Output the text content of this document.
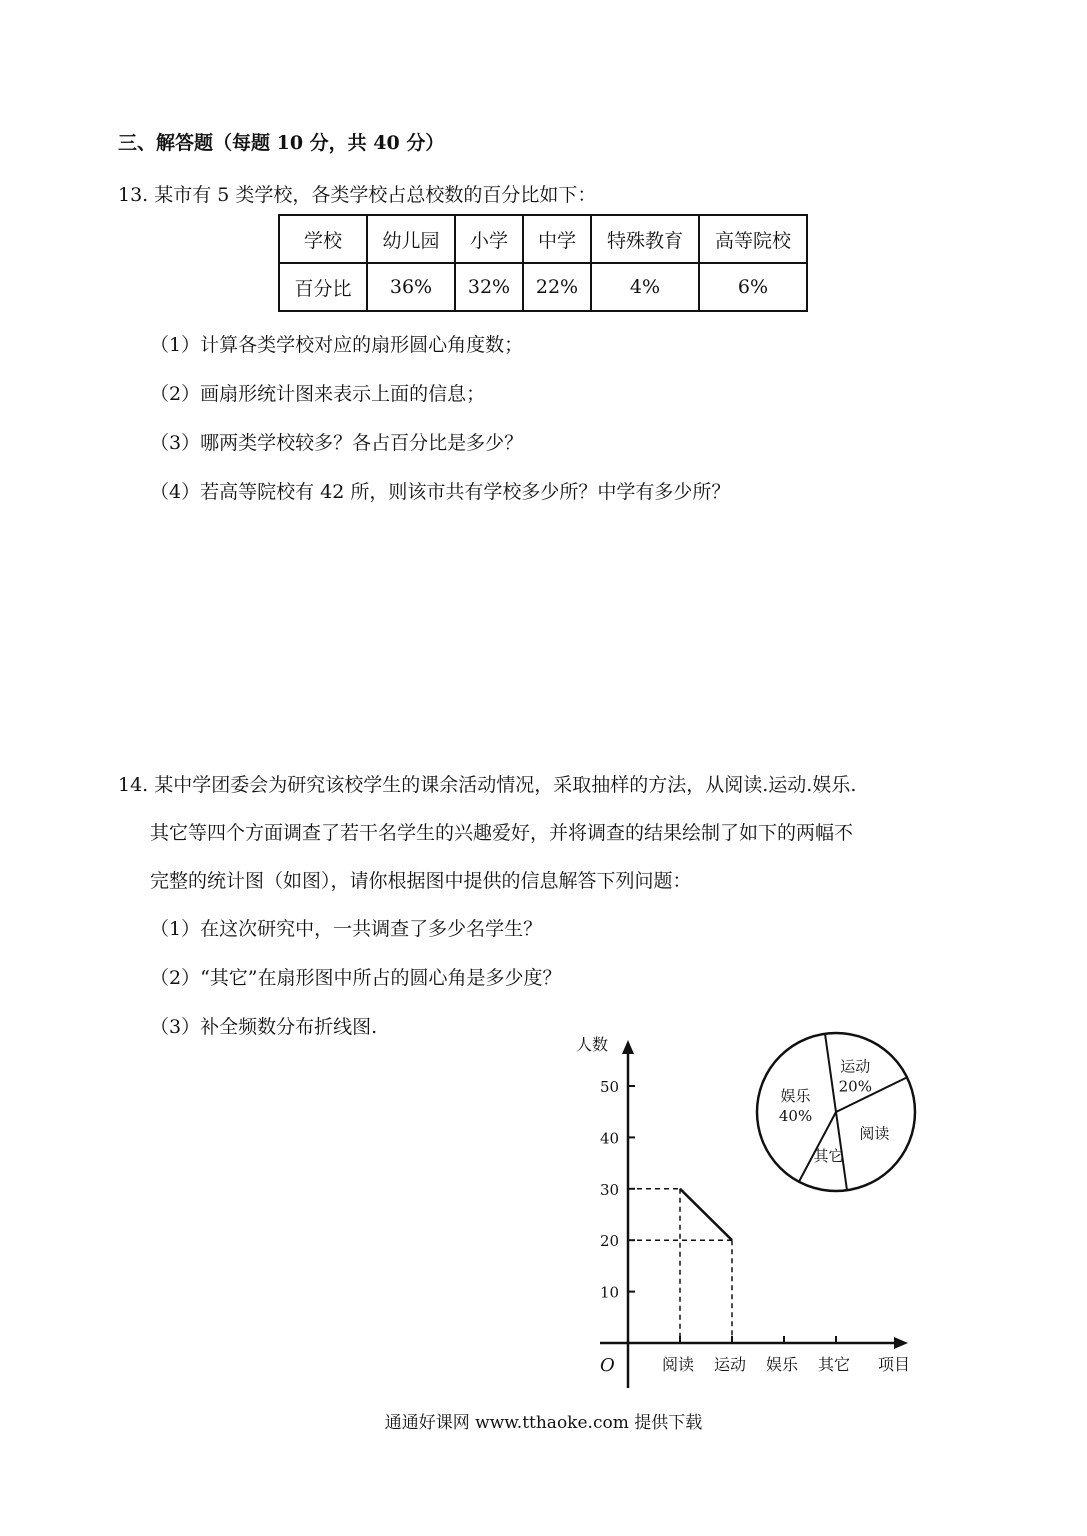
三、解答题（每题 10 分，共 40 分）
13. 某市有 5 类学校，各类学校占总校数的百分比如下：
学校	幼儿园	小学	中学	特殊教育	高等院校
百分比	36%	32%	22%	4%	6%
（1）计算各类学校对应的扇形圆心角度数；
（2）画扇形统计图来表示上面的信息；
（3）哪两类学校较多？各占百分比是多少？
（4）若高等院校有 42 所，则该市共有学校多少所？中学有多少所？
14. 某中学团委会为研究该校学生的课余活动情况，采取抽样的方法，从阅读.运动.娱乐.
其它等四个方面调查了若干名学生的兴趣爱好，并将调查的结果绘制了如下的两幅不
完整的统计图（如图），请你根据图中提供的信息解答下列问题：
（1）在这次研究中，一共调查了多少名学生？
（2）“其它”在扇形图中所占的圆心角是多少度？
（3）补全频数分布折线图.
人数
项目
O
10
20
30
40
50
阅读 运动 娱乐 其它
运动
20%
阅读
其它
娱乐
40%
通通好课网 www.tthaoke.com 提供下载
